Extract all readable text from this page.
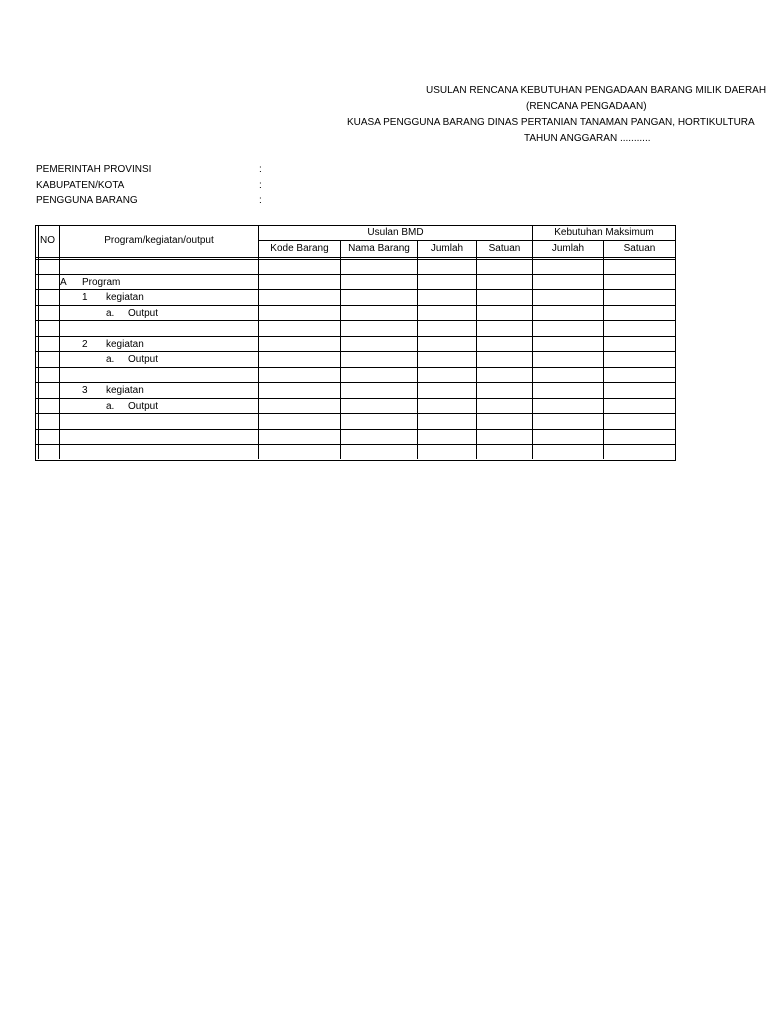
USULAN RENCANA KEBUTUHAN PENGADAAN BARANG MILIK DAERAH
(RENCANA PENGADAAN)
KUASA PENGGUNA BARANG DINAS PERTANIAN TANAMAN PANGAN, HORTIKULTURA
TAHUN ANGGARAN ...........
PEMERINTAH PROVINSI	:
KABUPATEN/KOTA	:
PENGGUNA BARANG	:
NO	Program/kegiatan/output
Usulan BMD	Kebutuhan Maksimum
Kode Barang	Nama Barang	Jumlah	Satuan	Jumlah	Satuan
A Program
1 kegiatan
a. Output
2 kegiatan
a. Output
3 kegiatan
a. Output
